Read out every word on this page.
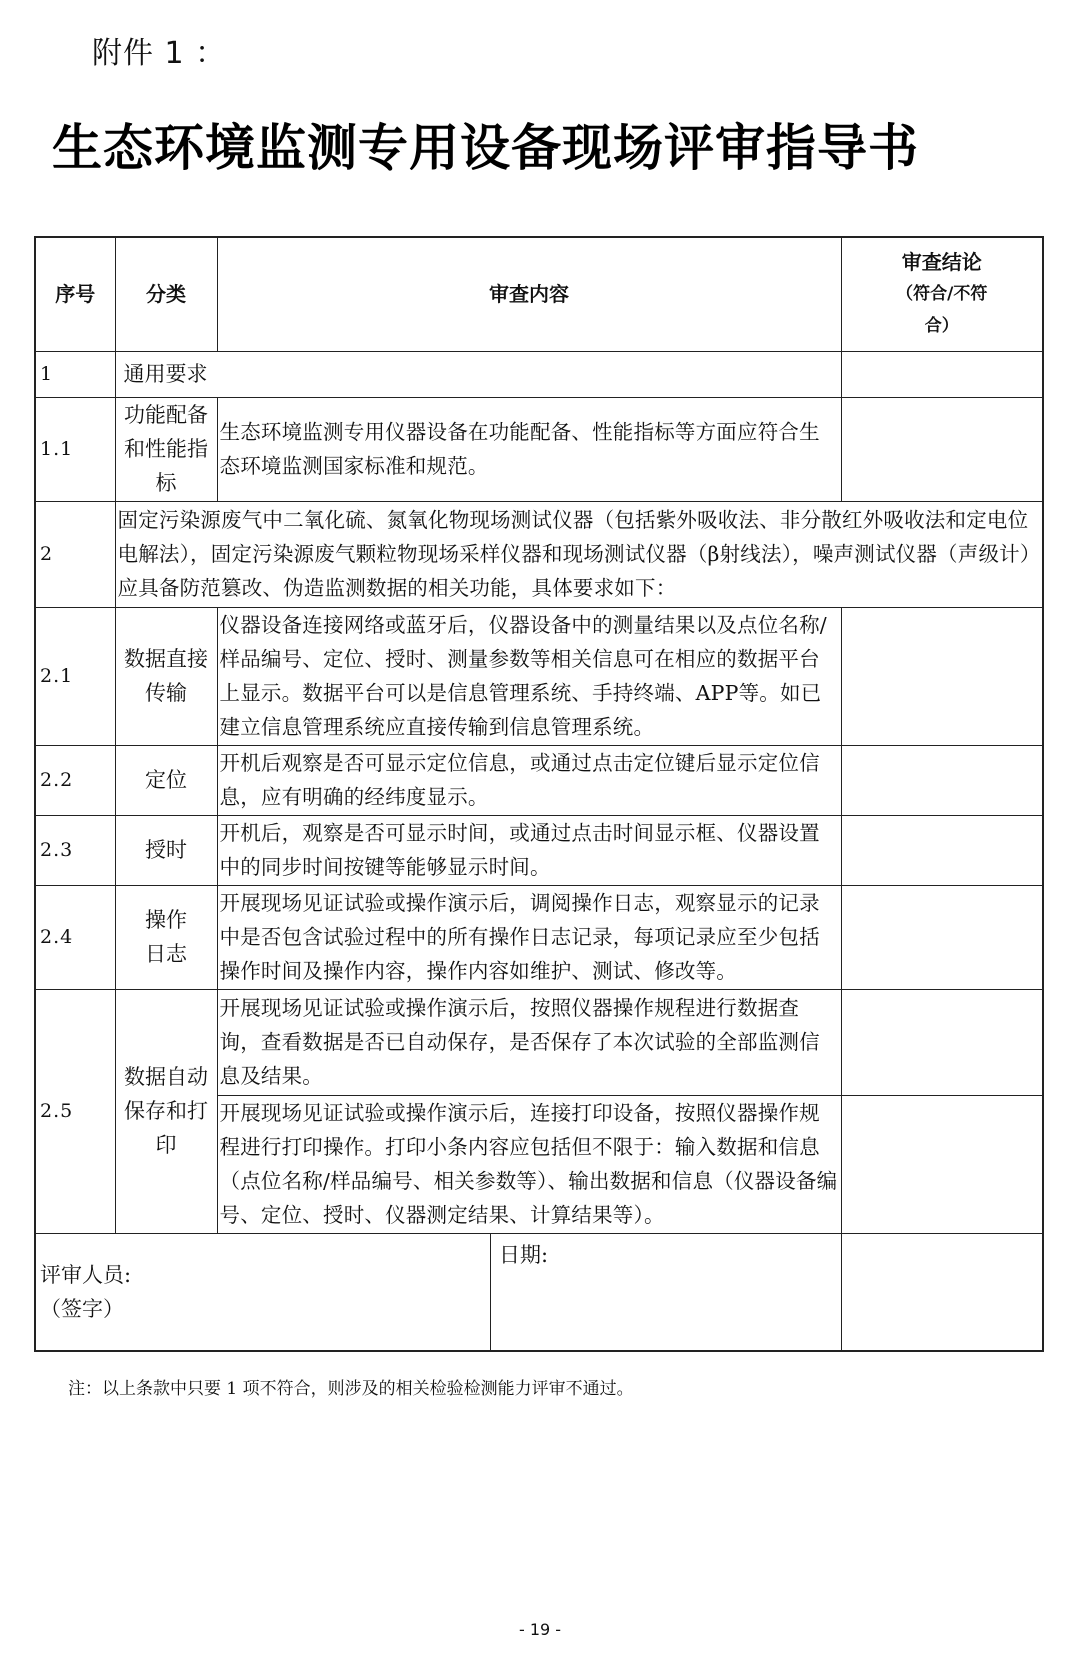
附件 1 ：
生态环境监测专用设备现场评审指导书
序号	分类	审查内容	审查结论
（符合/不符
合）

1	通用要求		
1.1	功能配备和性能指标	生态环境监测专用仪器设备在功能配备、性能指标等方面应符合生态环境监测国家标准和规范。	
2	固定污染源废气中二氧化硫、氮氧化物现场测试仪器（包括紫外吸收法、非分散红外吸收法和定电位电解法），固定污染源废气颗粒物现场采样仪器和现场测试仪器（β射线法），噪声测试仪器（声级计）应具备防范篡改、伪造监测数据的相关功能，具体要求如下：		
2.1	数据直接传输	仪器设备连接网络或蓝牙后，仪器设备中的测量结果以及点位名称/样品编号、定位、授时、测量参数等相关信息可在相应的数据平台上显示。数据平台可以是信息管理系统、手持终端、APP等。如已建立信息管理系统应直接传输到信息管理系统。	
2.2	定位	开机后观察是否可显示定位信息，或通过点击定位键后显示定位信息，应有明确的经纬度显示。	
2.3	授时	开机后，观察是否可显示时间，或通过点击时间显示框、仪器设置中的同步时间按键等能够显示时间。	
2.4	操作日志	开展现场见证试验或操作演示后，调阅操作日志，观察显示的记录中是否包含试验过程中的所有操作日志记录，每项记录应至少包括操作时间及操作内容，操作内容如维护、测试、修改等。	
2.5	数据自动保存和打印	开展现场见证试验或操作演示后，按照仪器操作规程进行数据查询，查看数据是否已自动保存，是否保存了本次试验的全部监测信息及结果。	
		开展现场见证试验或操作演示后，连接打印设备，按照仪器操作规程进行打印操作。打印小条内容应包括但不限于：输入数据和信息（点位名称/样品编号、相关参数等）、输出数据和信息（仪器设备编号、定位、授时、仪器测定结果、计算结果等）。	

评审人员:
（签字）			
日期:

注：以上条款中只要 1 项不符合，则涉及的相关检验检测能力评审不通过。

- 19 -
